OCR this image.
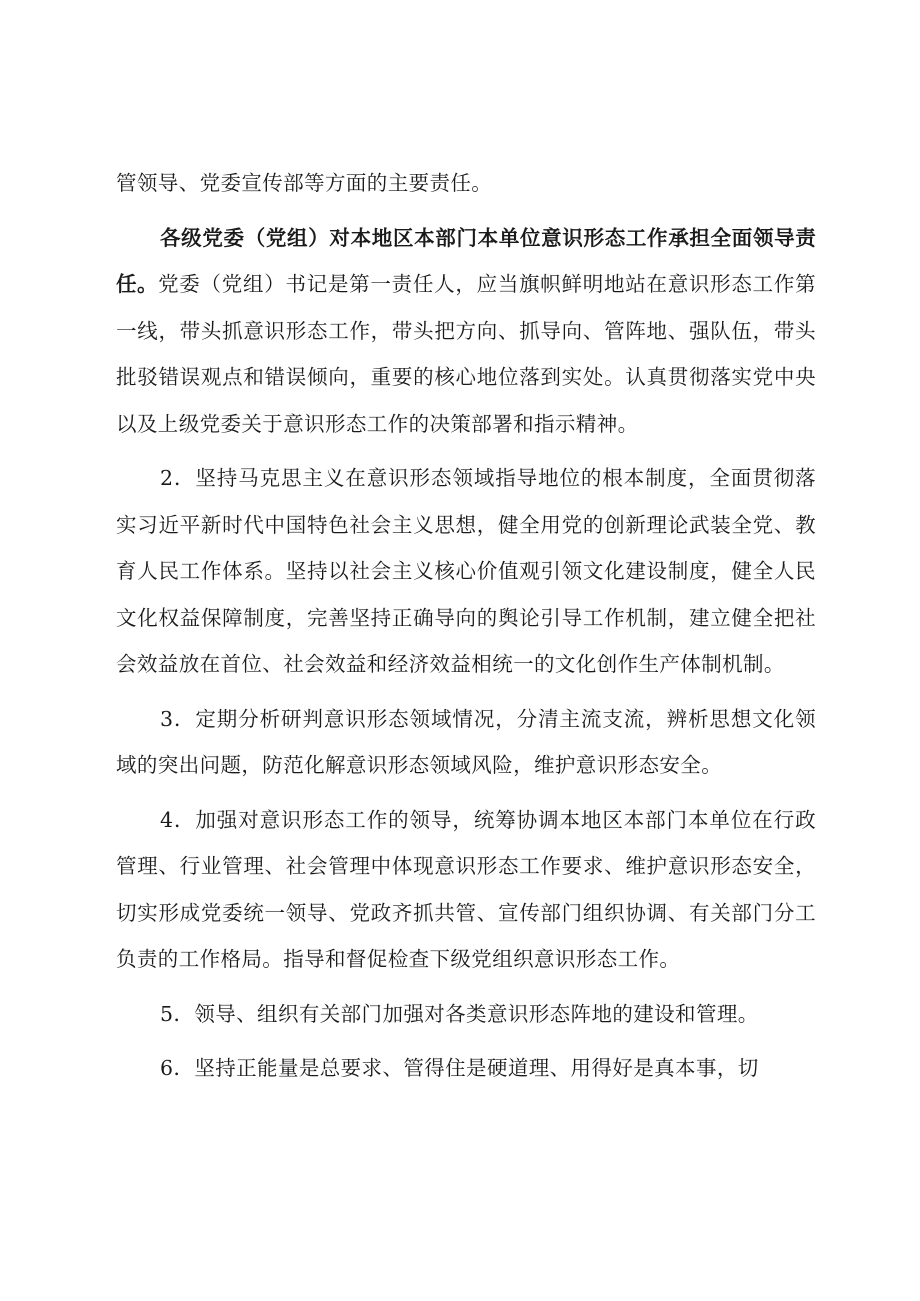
管领导、党委宣传部等方面的主要责任。

各级党委（党组）对本地区本部门本单位意识形态工作承担全面领导责任。党委（党组）书记是第一责任人，应当旗帜鲜明地站在意识形态工作第一线，带头抓意识形态工作，带头把方向、抓导向、管阵地、强队伍，带头批驳错误观点和错误倾向，重要的核心地位落到实处。认真贯彻落实党中央以及上级党委关于意识形态工作的决策部署和指示精神。

2．坚持马克思主义在意识形态领域指导地位的根本制度，全面贯彻落实习近平新时代中国特色社会主义思想，健全用党的创新理论武装全党、教育人民工作体系。坚持以社会主义核心价值观引领文化建设制度，健全人民文化权益保障制度，完善坚持正确导向的舆论引导工作机制，建立健全把社会效益放在首位、社会效益和经济效益相统一的文化创作生产体制机制。

3．定期分析研判意识形态领域情况，分清主流支流，辨析思想文化领域的突出问题，防范化解意识形态领域风险，维护意识形态安全。

4．加强对意识形态工作的领导，统筹协调本地区本部门本单位在行政管理、行业管理、社会管理中体现意识形态工作要求、维护意识形态安全，切实形成党委统一领导、党政齐抓共管、宣传部门组织协调、有关部门分工负责的工作格局。指导和督促检查下级党组织意识形态工作。

5．领导、组织有关部门加强对各类意识形态阵地的建设和管理。

6．坚持正能量是总要求、管得住是硬道理、用得好是真本事，切
